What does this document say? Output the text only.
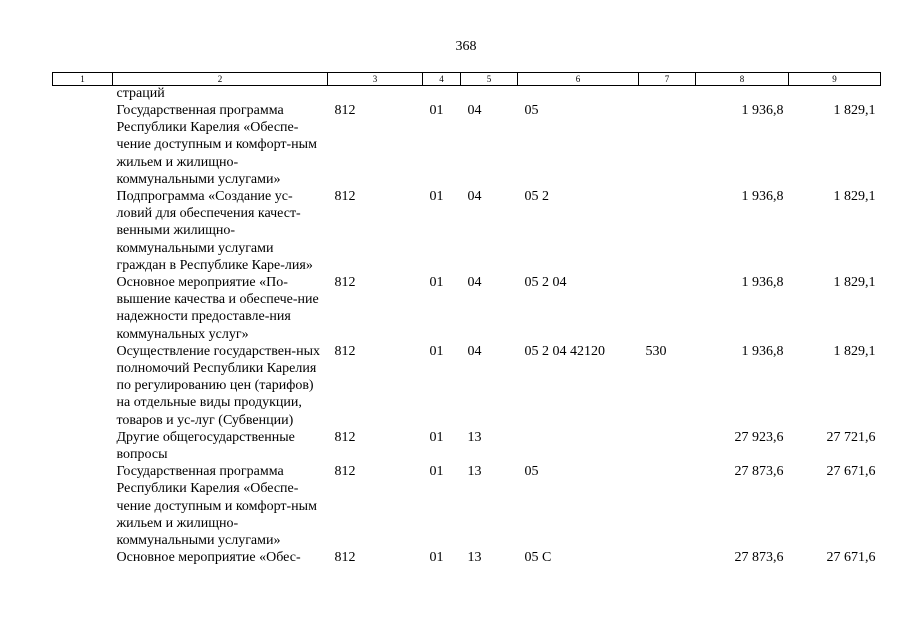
368
1	2	3	4	5	6	7	8	9
	страций							
	Государственная программа Республики Карелия «Обеспе-чение доступным и комфорт-ным жильем и жилищно-коммунальными услугами»	812	01	04	05		1 936,8	1 829,1
	Подпрограмма «Создание ус-ловий для обеспечения качест-венными жилищно-коммунальными услугами граждан в Республике Каре-лия»	812	01	04	05 2		1 936,8	1 829,1
	Основное мероприятие «По-вышение качества и обеспече-ние надежности предоставле-ния коммунальных услуг»	812	01	04	05 2 04		1 936,8	1 829,1
	Осуществление государствен-ных полномочий Республики Карелия по регулированию цен (тарифов) на отдельные виды продукции, товаров и ус-луг (Субвенции)	812	01	04	05 2 04 42120	530	1 936,8	1 829,1
	Другие общегосударственные вопросы	812	01	13			27 923,6	27 721,6
	Государственная программа Республики Карелия «Обеспе-чение доступным и комфорт-ным жильем и жилищно-коммунальными услугами»	812	01	13	05		27 873,6	27 671,6
	Основное мероприятие «Обес-	812	01	13	05 С		27 873,6	27 671,6
